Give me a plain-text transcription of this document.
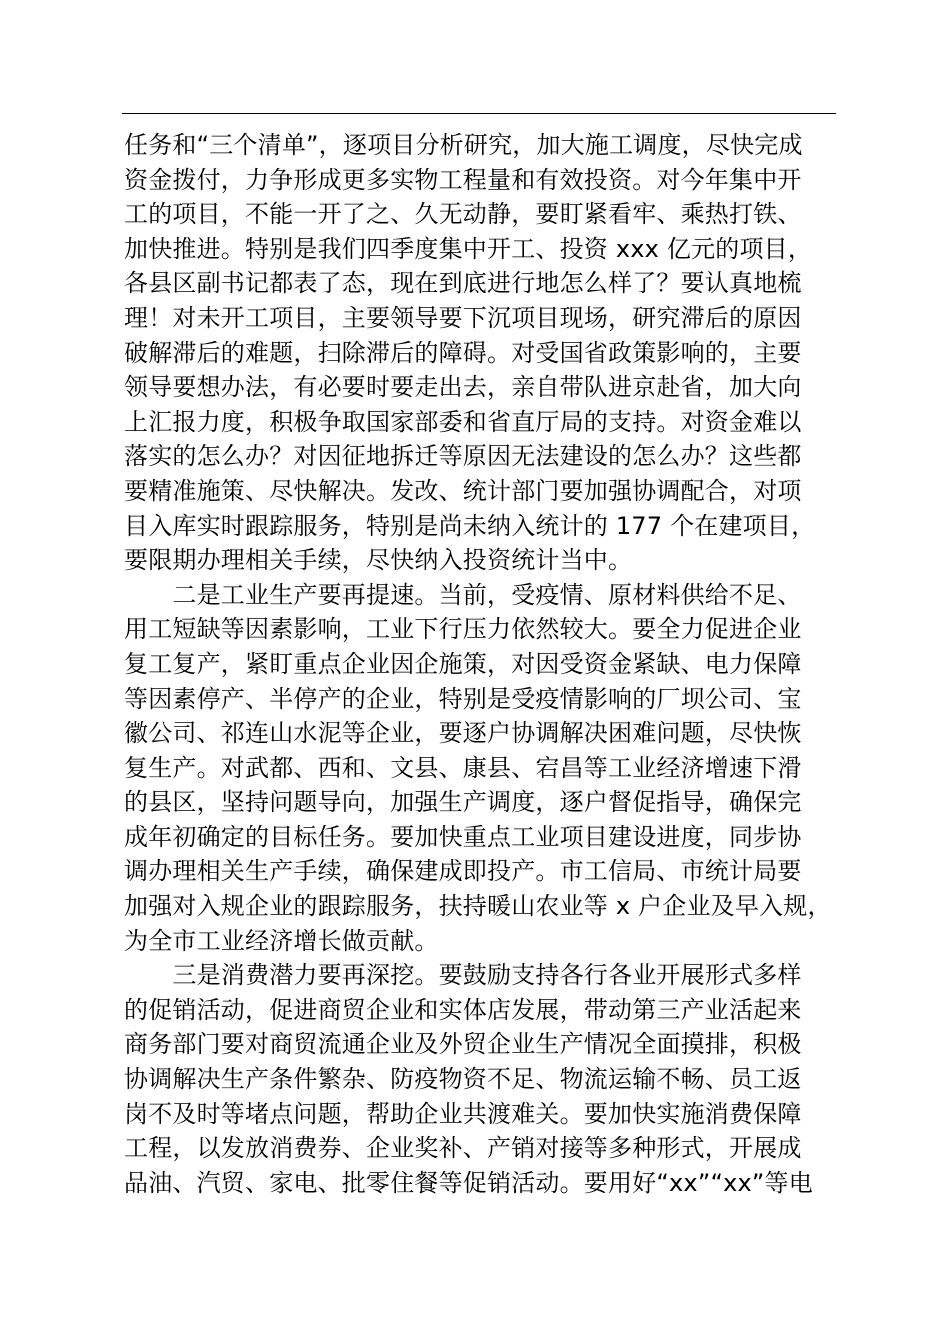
任务和“三个清单”，逐项目分析研究，加大施工调度，尽快完成
资金拨付，力争形成更多实物工程量和有效投资。对今年集中开
工的项目，不能一开了之、久无动静，要盯紧看牢、乘热打铁、
加快推进。特别是我们四季度集中开工、投资 xxx 亿元的项目，
各县区副书记都表了态，现在到底进行地怎么样了？要认真地梳
理！对未开工项目，主要领导要下沉项目现场，研究滞后的原因
破解滞后的难题，扫除滞后的障碍。对受国省政策影响的，主要
领导要想办法，有必要时要走出去，亲自带队进京赴省，加大向
上汇报力度，积极争取国家部委和省直厅局的支持。对资金难以
落实的怎么办？对因征地拆迁等原因无法建设的怎么办？这些都
要精准施策、尽快解决。发改、统计部门要加强协调配合，对项
目入库实时跟踪服务，特别是尚未纳入统计的 177 个在建项目，
要限期办理相关手续，尽快纳入投资统计当中。
　　二是工业生产要再提速。当前，受疫情、原材料供给不足、
用工短缺等因素影响，工业下行压力依然较大。要全力促进企业
复工复产，紧盯重点企业因企施策，对因受资金紧缺、电力保障
等因素停产、半停产的企业，特别是受疫情影响的厂坝公司、宝
徽公司、祁连山水泥等企业，要逐户协调解决困难问题，尽快恢
复生产。对武都、西和、文县、康县、宕昌等工业经济增速下滑
的县区，坚持问题导向，加强生产调度，逐户督促指导，确保完
成年初确定的目标任务。要加快重点工业项目建设进度，同步协
调办理相关生产手续，确保建成即投产。市工信局、市统计局要
加强对入规企业的跟踪服务，扶持暖山农业等 x 户企业及早入规，
为全市工业经济增长做贡献。
　　三是消费潜力要再深挖。要鼓励支持各行各业开展形式多样
的促销活动，促进商贸企业和实体店发展，带动第三产业活起来
商务部门要对商贸流通企业及外贸企业生产情况全面摸排，积极
协调解决生产条件繁杂、防疫物资不足、物流运输不畅、员工返
岗不及时等堵点问题，帮助企业共渡难关。要加快实施消费保障
工程，以发放消费券、企业奖补、产销对接等多种形式，开展成
品油、汽贸、家电、批零住餐等促销活动。要用好“xx”“xx”等电
